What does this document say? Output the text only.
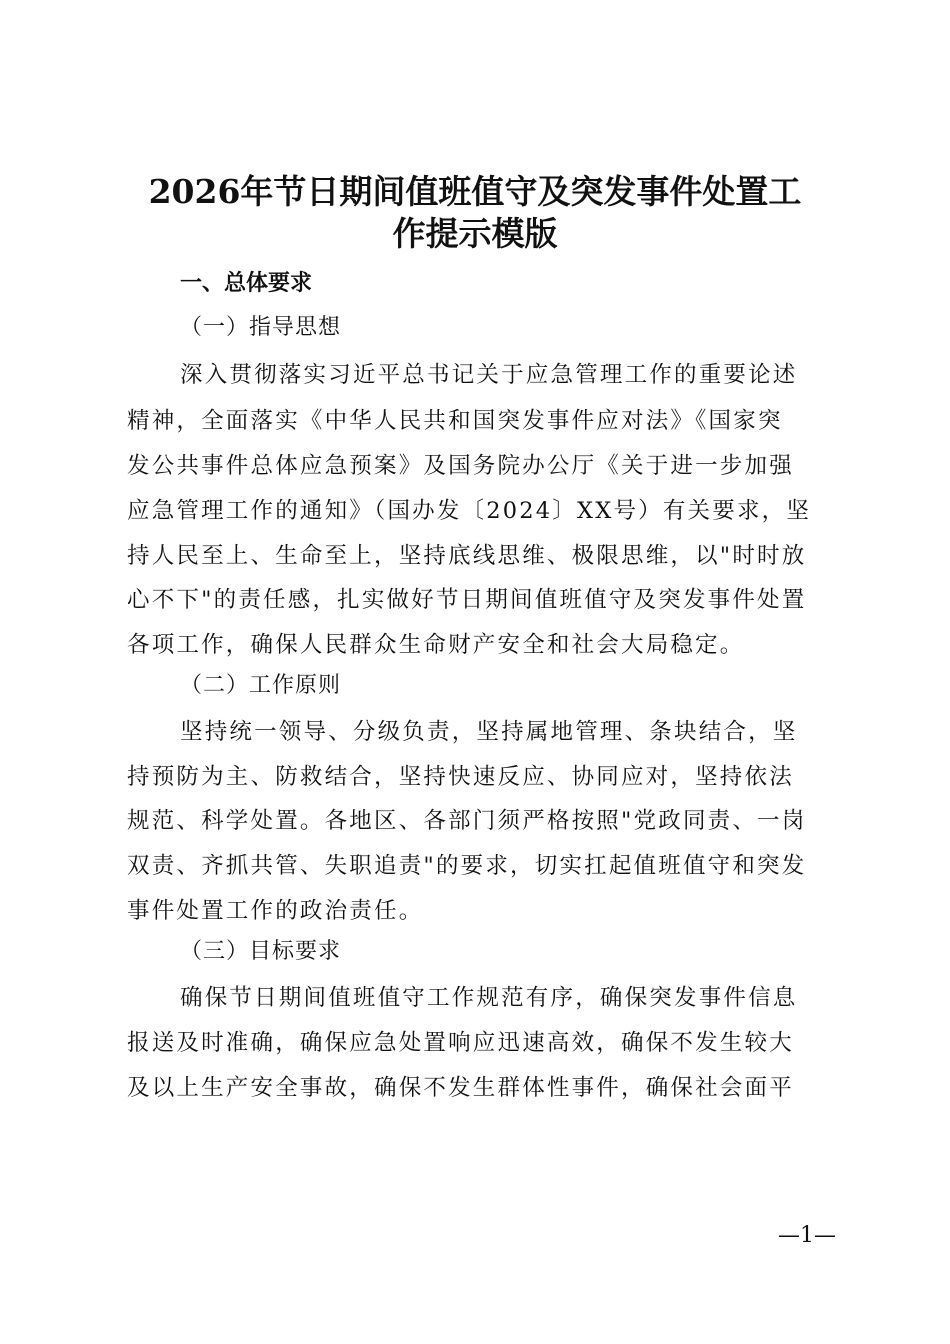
2026年节日期间值班值守及突发事件处置工
作提示模版
一、总体要求
（一）指导思想
深入贯彻落实习近平总书记关于应急管理工作的重要论述
精神，全面落实《中华人民共和国突发事件应对法》《国家突
发公共事件总体应急预案》及国务院办公厅《关于进一步加强
应急管理工作的通知》（国办发〔2024〕XX号）有关要求，坚
持人民至上、生命至上，坚持底线思维、极限思维，以"时时放
心不下"的责任感，扎实做好节日期间值班值守及突发事件处置
各项工作，确保人民群众生命财产安全和社会大局稳定。
（二）工作原则
坚持统一领导、分级负责，坚持属地管理、条块结合，坚
持预防为主、防救结合，坚持快速反应、协同应对，坚持依法
规范、科学处置。各地区、各部门须严格按照"党政同责、一岗
双责、齐抓共管、失职追责"的要求，切实扛起值班值守和突发
事件处置工作的政治责任。
（三）目标要求
确保节日期间值班值守工作规范有序，确保突发事件信息
报送及时准确，确保应急处置响应迅速高效，确保不发生较大
及以上生产安全事故，确保不发生群体性事件，确保社会面平
—1—
